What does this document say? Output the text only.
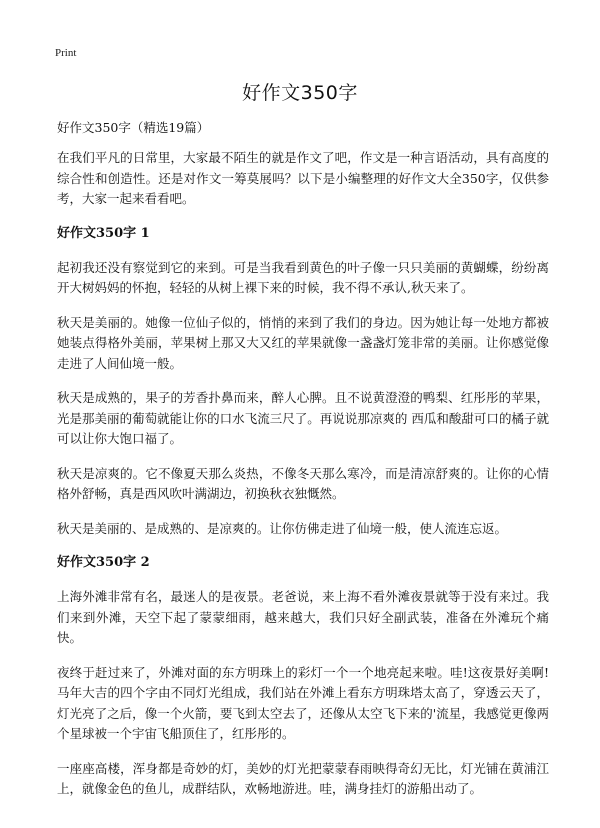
Print
好作文350字

好作文350字（精选19篇）

在我们平凡的日常里，大家最不陌生的就是作文了吧，作文是一种言语活动，具有高度的综合性和创造性。还是对作文一筹莫展吗？以下是小编整理的好作文大全350字，仅供参考，大家一起来看看吧。

好作文350字 1

起初我还没有察觉到它的来到。可是当我看到黄色的叶子像一只只美丽的黄蝴蝶，纷纷离开大树妈妈的怀抱，轻轻的从树上裸下来的时候，我不得不承认,秋天来了。

秋天是美丽的。她像一位仙子似的，悄悄的来到了我们的身边。因为她让每一处地方都被她装点得格外美丽，苹果树上那又大又红的苹果就像一盏盏灯笼非常的美丽。让你感觉像走进了人间仙境一般。

秋天是成熟的，果子的芳香扑鼻而来，醉人心脾。且不说黄澄澄的鸭梨、红彤彤的苹果，光是那美丽的葡萄就能让你的口水飞流三尺了。再说说那凉爽的 西瓜和酸甜可口的橘子就可以让你大饱口福了。

秋天是凉爽的。它不像夏天那么炎热，不像冬天那么寒冷，而是清凉舒爽的。让你的心情格外舒畅，真是西风吹叶满湖边，初换秋衣独慨然。

秋天是美丽的、是成熟的、是凉爽的。让你仿佛走进了仙境一般，使人流连忘返。

好作文350字 2

上海外滩非常有名，最迷人的是夜景。老爸说，来上海不看外滩夜景就等于没有来过。我们来到外滩，天空下起了蒙蒙细雨，越来越大，我们只好全副武装，准备在外滩玩个痛快。

夜终于赶过来了，外滩对面的东方明珠上的彩灯一个一个地亮起来啦。哇!这夜景好美啊!马年大吉的四个字由不同灯光组成，我们站在外滩上看东方明珠塔太高了，穿透云天了，灯光亮了之后，像一个火箭，要飞到太空去了，还像从太空飞下来的'流星，我感觉更像两个星球被一个宇宙飞船顶住了，红彤彤的。

一座座高楼，浑身都是奇妙的灯，美妙的灯光把蒙蒙春雨映得奇幻无比，灯光铺在黄浦江上，就像金色的鱼儿，成群结队，欢畅地游进。哇，满身挂灯的游船出动了。
